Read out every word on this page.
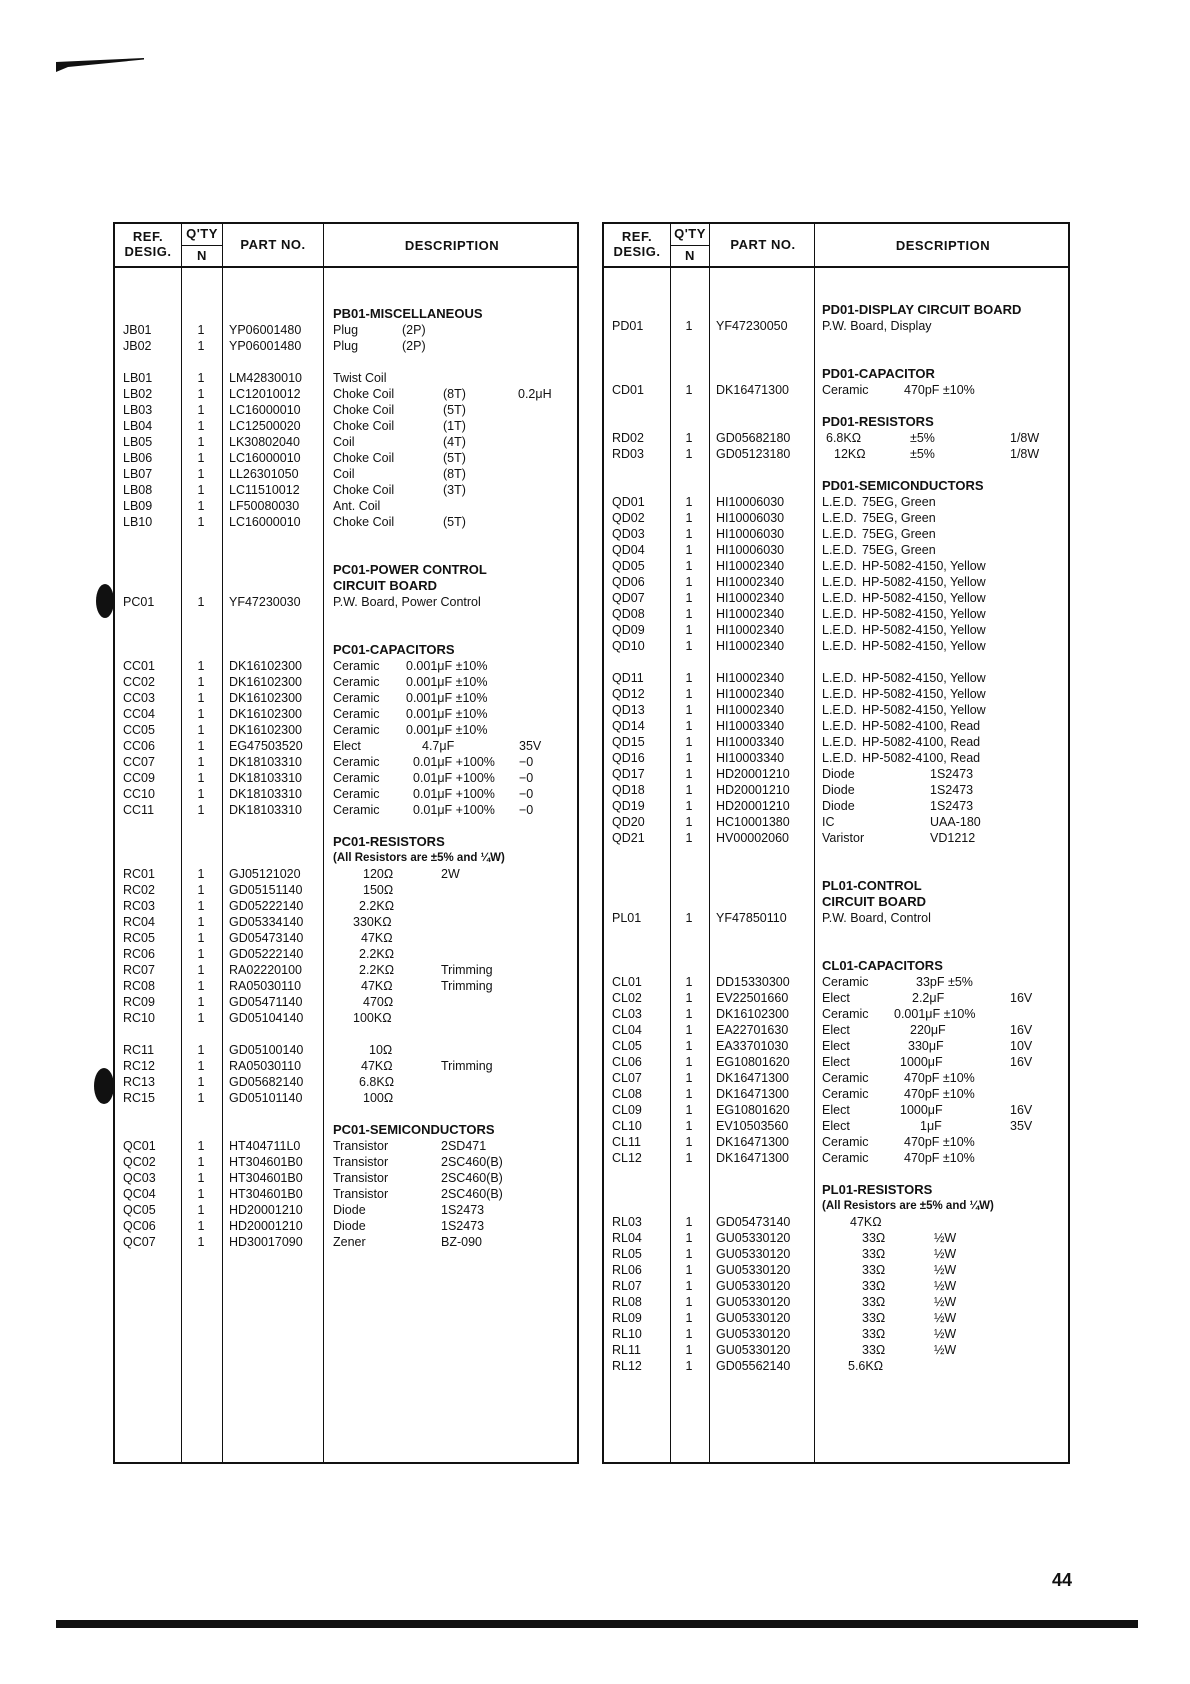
REF.
DESIG.
Q'TY
N
PART NO.	DESCRIPTION
PB01-MISCELLANEOUS
JB01	1	YP06001480	Plug	(2P)
JB02	1	YP06001480	Plug	(2P)
LB01	1	LM42830010 Twist Coil
LB02	1	LC12010012	Choke Coil	(8T)	0.2μH
LB03	1	LC16000010	Choke Coil	(5T)
LB04	1	LC12500020	Choke Coil	(1T)
LB05	1	LK30802040	Coil	(4T)
LB06	1	LC16000010	Choke Coil	(5T)
LB07	1	LL26301050	Coil	(8T)
LB08	1	LC11510012	Choke Coil	(3T)
LB09	1	LF50080030	Ant. Coil
LB10	1	LC16000010	Choke Coil	(5T)
PC01-POWER CONTROL
CIRCUIT BOARD
PC01	1	YF47230030	P.W. Board, Power Control
PC01-CAPACITORS
CC01	1	DK16102300 Ceramic 0.001μF ±10%
CC02	1	DK16102300 Ceramic 0.001μF ±10%
CC03	1	DK16102300 Ceramic 0.001μF ±10%
CC04	1	DK16102300 Ceramic 0.001μF ±10%
CC05	1	DK16102300 Ceramic 0.001μF ±10%
CC06	1	EG47503520 Elect	4.7μF	35V
CC07	1	DK18103310 Ceramic	0.01μF +100% −0
CC09	1	DK18103310 Ceramic	0.01μF +100% −0
CC10	1	DK18103310 Ceramic	0.01μF +100% −0
CC11	1	DK18103310 Ceramic	0.01μF +100% −0
PC01-RESISTORS
(All Resistors are ±5% and ¼W)
RC01	1	GJ05121020	120Ω	2W
RC02	1	GD05151140	150Ω
RC03	1	GD05222140	2.2KΩ
RC04	1	GD05334140	330KΩ
RC05	1	GD05473140	47KΩ
RC06	1	GD05222140	2.2KΩ
RC07	1	RA02220100	2.2KΩ	Trimming
RC08	1	RA05030110	47KΩ	Trimming
RC09	1	GD05471140	470Ω
RC10	1	GD05104140	100KΩ
RC11	1	GD05100140	10Ω
RC12	1	RA05030110	47KΩ	Trimming
RC13	1	GD05682140	6.8KΩ
RC15	1	GD05101140	100Ω
PC01-SEMICONDUCTORS
QC01	1	HT404711L0	Transistor	2SD471
QC02	1	HT304601B0 Transistor	2SC460(B)
QC03	1	HT304601B0 Transistor	2SC460(B)
QC04	1	HT304601B0 Transistor	2SC460(B)
QC05	1	HD20001210 Diode	1S2473
QC06	1	HD20001210 Diode	1S2473
QC07	1	HD30017090 Zener	BZ-090
REF.
DESIG.
Q'TY
N
PART NO.	DESCRIPTION
PD01-DISPLAY CIRCUIT BOARD
PD01	1	YF47230050	P.W. Board, Display
PD01-CAPACITOR
CD01	1	DK16471300	Ceramic	470pF ±10%
PD01-RESISTORS
RD02	1	GD05682180	6.8KΩ	±5%	1/8W
RD03	1	GD05123180	12KΩ	±5%	1/8W
PD01-SEMICONDUCTORS
QD01	1	HI10006030	L.E.D. 75EG, Green
QD02	1	HI10006030	L.E.D. 75EG, Green
QD03	1	HI10006030	L.E.D. 75EG, Green
QD04	1	HI10006030	L.E.D. 75EG, Green
QD05	1	HI10002340	L.E.D. HP-5082-4150, Yellow
QD06	1	HI10002340	L.E.D. HP-5082-4150, Yellow
QD07	1	HI10002340	L.E.D. HP-5082-4150, Yellow
QD08	1	HI10002340	L.E.D. HP-5082-4150, Yellow
QD09	1	HI10002340	L.E.D. HP-5082-4150, Yellow
QD10	1	HI10002340	L.E.D. HP-5082-4150, Yellow
QD11	1	HI10002340	L.E.D. HP-5082-4150, Yellow
QD12	1	HI10002340	L.E.D. HP-5082-4150, Yellow
QD13	1	HI10002340	L.E.D. HP-5082-4150, Yellow
QD14	1	HI10003340	L.E.D. HP-5082-4100, Read
QD15	1	HI10003340	L.E.D. HP-5082-4100, Read
QD16	1	HI10003340	L.E.D. HP-5082-4100, Read
QD17	1	HD20001210	Diode	1S2473
QD18	1	HD20001210	Diode	1S2473
QD19	1	HD20001210	Diode	1S2473
QD20	1	HC10001380	IC	UAA-180
QD21	1	HV00002060	Varistor	VD1212
PL01-CONTROL
CIRCUIT BOARD
PL01	1	YF47850110	P.W. Board, Control
CL01-CAPACITORS
CL01	1	DD15330300	Ceramic	33pF ±5%
CL02	1	EV22501660	Elect	2.2μF	16V
CL03	1	DK16102300	Ceramic 0.001μF ±10%
CL04	1	EA22701630	Elect	220μF	16V
CL05	1	EA33701030	Elect	330μF	10V
CL06	1	EG10801620	Elect	1000μF	16V
CL07	1	DK16471300	Ceramic	470pF ±10%
CL08	1	DK16471300	Ceramic	470pF ±10%
CL09	1	EG10801620	Elect	1000μF	16V
CL10	1	EV10503560	Elect	1μF	35V
CL11	1	DK16471300	Ceramic	470pF ±10%
CL12	1	DK16471300	Ceramic	470pF ±10%
PL01-RESISTORS
(All Resistors are ±5% and ¼W)
RL03	1	GD05473140	47KΩ
RL04	1	GU05330120	33Ω	½W
RL05	1	GU05330120	33Ω	½W
RL06	1	GU05330120	33Ω	½W
RL07	1	GU05330120	33Ω	½W
RL08	1	GU05330120	33Ω	½W
RL09	1	GU05330120	33Ω	½W
RL10	1	GU05330120	33Ω	½W
RL11	1	GU05330120	33Ω	½W
RL12	1	GD05562140	5.6KΩ
44
